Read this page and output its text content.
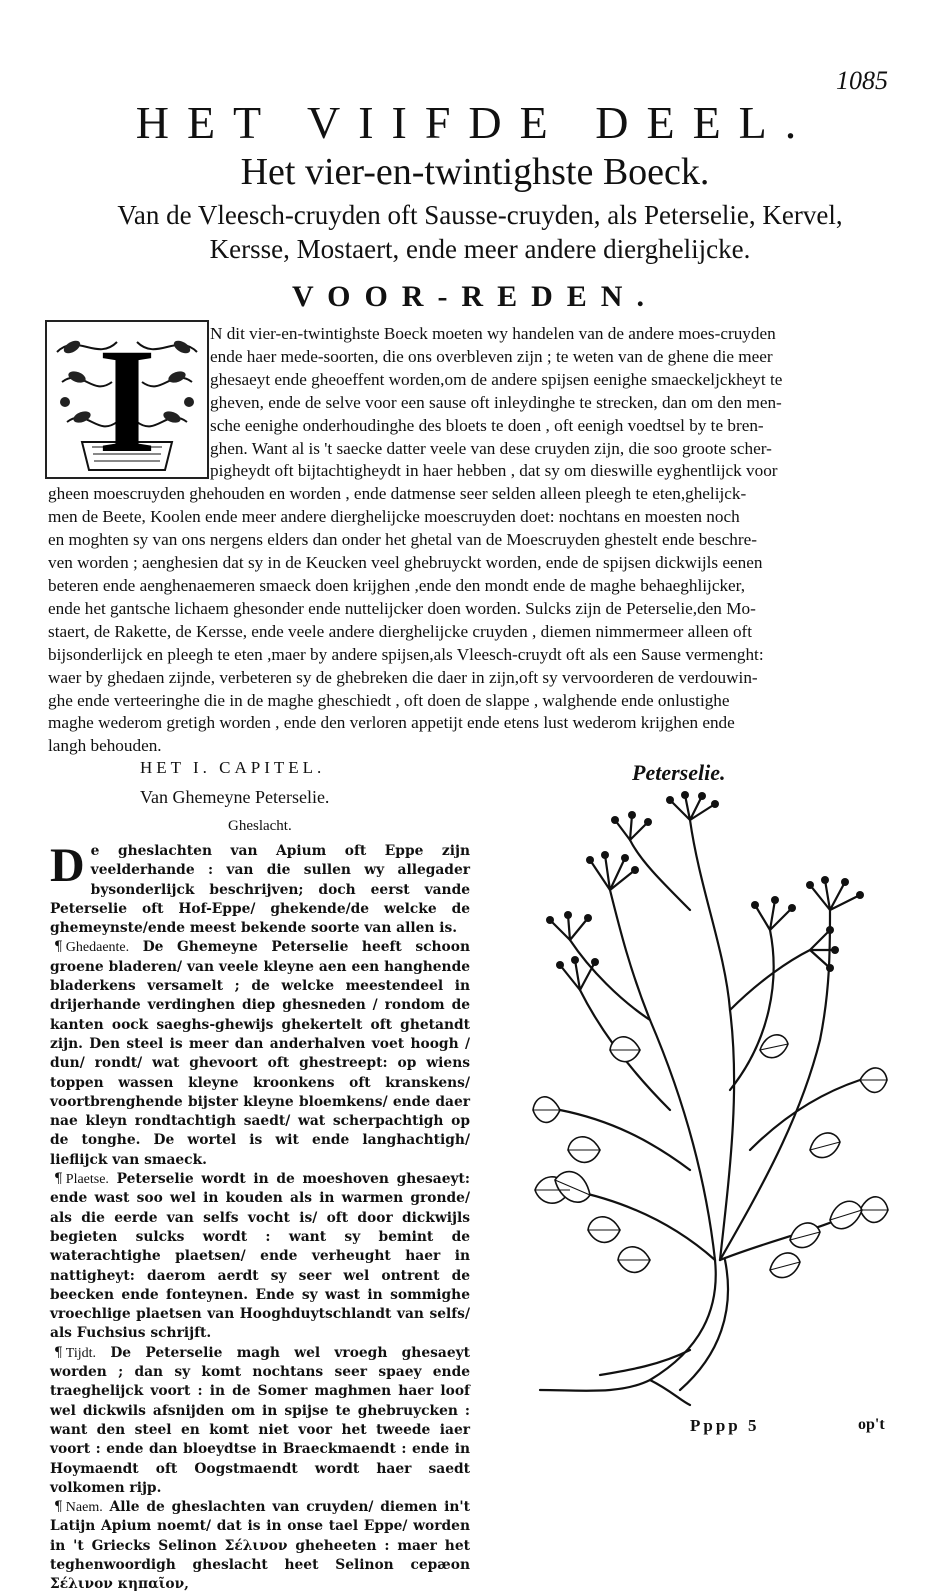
1085
HET VIIFDE DEEL.
Het vier-en-twintighste Boeck.
Van de Vleesch-cruyden oft Sausse-cruyden, als Peterselie, Kervel, Kersse, Mostaert, ende meer andere dierghelijcke.
VOOR-REDEN.
I	N dit vier-en-twintighste Boeck moeten wy handelen van de andere moes-cruyden
ende haer mede-soorten, die ons overbleven zijn ; te weten van de ghene die meer
ghesaeyt ende gheoeffent worden,om de andere spijsen eenighe smaeckeljckheyt te
gheven, ende de selve voor een sause oft inleydinghe te strecken, dan om den men-
sche eenighe onderhoudinghe des bloets te doen , oft eenigh voedtsel by te bren-
ghen. Want al is 't saecke datter veele van dese cruyden zijn, die soo groote scher-
pigheydt oft bijtachtigheydt in haer hebben , dat sy om dieswille eyghentlijck voor
gheen moescruyden ghehouden en worden , ende datmense seer selden alleen pleegh te eten,ghelijck-
men de Beete, Koolen ende meer andere dierghelijcke moescruyden doet: nochtans en moesten noch
en moghten sy van ons nergens elders dan onder het ghetal van de Moescruyden ghestelt ende beschre-
ven worden ; aenghesien dat sy in de Keucken veel ghebruyckt worden, ende de spijsen dickwijls eenen
beteren ende aenghenaemeren smaeck doen krijghen ,ende den mondt ende de maghe behaeghlijcker,
ende het gantsche lichaem ghesonder ende nuttelijcker doen worden. Sulcks zijn de Peterselie,den Mo-
staert, de Rakette, de Kersse, ende veele andere dierghelijcke cruyden , diemen nimmermeer alleen oft
bijsonderlijck en pleegh te eten ,maer by andere spijsen,als Vleesch-cruydt oft als een Sause vermenght:
waer by ghedaen zijnde, verbeteren sy de ghebreken die daer in zijn,oft sy vervoorderen de verdouwin-
ghe ende verteeringhe die in de maghe gheschiedt , oft doen de slappe , walghende ende onlustighe
maghe wederom gretigh worden , ende den verloren appetijt ende etens lust wederom krijghen ende
langh behouden.
HET I. CAPITEL.
Van Ghemeyne Peterselie.
Gheslacht.

De gheslachten van Apium oft Eppe zijn veelderhande : van die sullen wy allegader bysonderlijck beschrijven; doch eerst vande Peterselie oft Hof-Eppe/ ghekende/de welcke de ghemeynste/ende meest bekende soorte van allen is.

¶ Ghedaente. De Ghemeyne Peterselie heeft schoon groene bladeren/ van veele kleyne aen een hanghende bladerkens versamelt ; de welcke meestendeel in drijerhande verdinghen diep ghesneden / rondom de kanten oock saeghs-ghewijs ghekertelt oft ghetandt zijn. Den steel is meer dan anderhalven voet hoogh / dun/ rondt/ wat ghevoort oft ghestreept: op wiens toppen wassen kleyne kroonkens oft kranskens/ voortbrenghende bijster kleyne bloemkens/ ende daer nae kleyn rondtachtigh saedt/ wat scherpachtigh op de tonghe. De wortel is wit ende langhachtigh/ lieflijck van smaeck.

¶ Plaetse. Peterselie wordt in de moeshoven ghesaeyt: ende wast soo wel in kouden als in warmen gronde/ als die eerde van selfs vocht is/ oft door dickwijls begieten sulcks wordt : want sy bemint de waterachtighe plaetsen/ ende verheught haer in nattigheyt: daerom aerdt sy seer wel ontrent de beecken ende fonteynen. Ende sy wast in sommighe vroechlige plaetsen van Hooghduytschlandt van selfs/ als Fuchsius schrijft.

¶ Tijdt. De Peterselie magh wel vroegh ghesaeyt worden ; dan sy komt nochtans seer spaey ende traeghelijck voort : in de Somer maghmen haer loof wel dickwils afsnijden om in spijse te ghebruycken : want den steel en komt niet voor het tweede iaer voort : ende dan bloeydtse in Braeckmaendt : ende in Hoymaendt oft Oogstmaendt wordt haer saedt volkomen rijp.

¶ Naem. Alle de gheslachten van cruyden/ diemen in't Latijn Apium noemt/ dat is in onse tael Eppe/ worden in 't Griecks Selinon Σέλινον gheheeten : maer het teghenwoordigh gheslacht heet Selinon cepæon Σέλινον κηπαῖον,

Peterselie.
Pppp 5	op't
